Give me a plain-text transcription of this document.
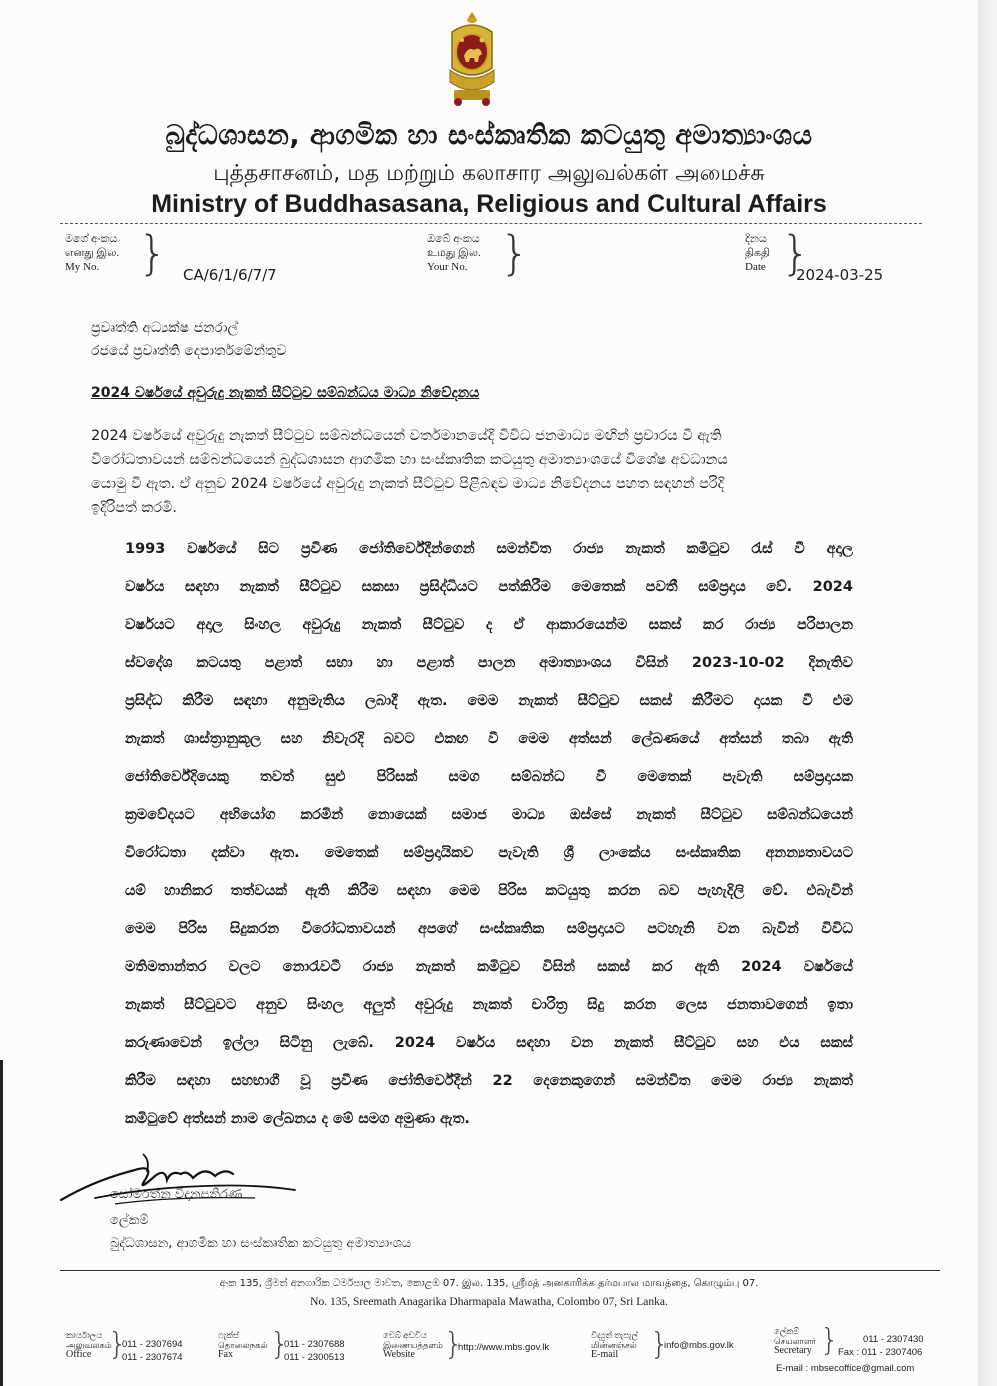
බුද්ධශාසන, ආගමික හා සංස්කෘතික කටයුතු අමාත්‍යාංශය
புத்தசாசனம், மத மற்றும் கலாசார அலுவல்கள் அமைச்சு
Ministry of Buddhasasana, Religious and Cultural Affairs
මගේ අංකය
எனது இல.
My No. } CA/6/1/6/7/7
ඔබේ අංකය
உமது இல.
Your No. }	දිනය
திகதி
Date }
2024-03-25
ප්‍රවෘත්ති අධ්‍යක්ෂ ජනරාල්
රජයේ ප්‍රවෘත්ති දෙපාර්තමේන්තුව
2024 වර්ෂයේ අවුරුදු නැකත් සීට්ටුව සම්බන්ධය මාධ්‍ය නිවේදනය
2024 වර්ෂයේ අවුරුදු නැකත් සීට්ටුව සම්බන්ධයෙන් වර්තමානයේදී විවිධ ජනමාධ්‍ය මඟින් ප්‍රචාරය වී ඇති
විරෝධතාවයන් සම්බන්ධයෙන් බුද්ධශාසන ආගමික හා සංස්කෘතික කටයුතු අමාත්‍යාංශයේ විශේෂ අවධානය
යොමු වී ඇත. ඒ අනුව 2024 වර්ෂයේ අවුරුදු නැකත් සීට්ටුව පිළිබඳව මාධ්‍ය නිවේදනය පහත සඳහන් පරිදි
ඉදිරිපත් කරමි.
1993 වර්ෂයේ සිට ප්‍රවීණ ජෝතිර්වේදීන්ගෙන් සමන්විත රාජ්‍ය නැකත් කමිටුව රැස් වී අදාල
වර්ෂය සඳහා නැකත් සීට්ටුව සකසා ප්‍රසිද්ධියට පත්කිරීම මෙතෙක් පවතී සම්ප්‍රදාය වේ. 2024
වර්ෂයට අදාල සිංහල අවුරුදු නැකත් සීට්ටුව ද ඒ ආකාරයෙන්ම සකස් කර රාජ්‍ය පරිපාලන
ස්වදේශ කටයතු පළාත් සභා හා පළාත් පාලන අමාත්‍යාංශය විසින් 2023-10-02 දිනැතිව
ප්‍රසිද්ධ කිරීම සඳහා අනුමැතිය ලබාදී ඇත. මෙම නැකත් සීට්ටුව සකස් කිරීමට දායක වී එම
නැකත් ශාස්ත්‍රානුකූල සහ නිවැරදි බවට එකඟ වී මෙම අත්සන් ලේඛණයේ අත්සන් තබා ඇති
ජෝතිර්වේදියෙකු තවත් සුළු පිරිසක් සමග සම්බන්ධ වී මෙතෙක් පැවැති සම්ප්‍රදායක
ක්‍රමවේදයට අභියෝග කරමින් නොයෙක් සමාජ මාධ්‍ය ඔස්සේ නැකත් සීට්ටුව සම්බන්ධයෙන්
විරෝධතා දක්වා ඇත. මෙතෙක් සම්ප්‍රදායිකව පැවැති ශ්‍රී ලාංකේය සංස්කෘතික අනන්‍යතාවයට
යම් හානිකර තත්වයක් ඇති කිරීම සඳහා මෙම පිරිස කටයුතු කරන බව පැහැදිලි වේ. එබැවින්
මෙම පිරිස සිදුකරන විරෝධතාවයන් අපගේ සංස්කෘතික සම්ප්‍රදායට පටහැනි වන බැවින් විවිධ
මතිමතාන්තර වලට නොරැවටී රාජ්‍ය නැකත් කමිටුව විසින් සකස් කර ඇති 2024 වර්ෂයේ
නැකත් සීට්ටුවට අනුව සිංහල අලුත් අවුරුදු නැකත් චාරිත්‍ර සිදු කරන ලෙස ජනතාවගෙන් ඉතා
කරුණාවෙන් ඉල්ලා සිටිනු ලැබේ. 2024 වර්ෂය සඳහා වන නැකත් සීට්ටුව සහ එය සකස්
කිරීම සඳහා සහභාගී වූ ප්‍රවීණ ජෝතිර්වේදීන් 22 දෙනෙකුගෙන් සමන්විත මෙම රාජ්‍ය නැකත්
කමිටුවේ අත්සන් නාම ලේඛනය ද මේ සමග අමුණා ඇත.
සෝමරත්න විදානපතිරණ
ලේකම්
බුද්ධශාසන, ආගමික හා සංස්කෘතික කටයුතු අමාත්‍යාංශය
අංක 135, ශ්‍රීමත් අනගාරික ධර්මපාල මාවත, කොළඹ 07. இல. 135, ஸ்ரீமத் அனகாரிக்க தர்மபால மாவத்தை, கொழும்பு 07.
No. 135, Sreemath Anagarika Dharmapala Mawatha, Colombo 07, Sri Lanka.
කාර්යාලය
அலுவலகம்
Office }
011 - 2307694
011 - 2307674
ෆැක්ස්
தொலைநகல்
Fax	}
011 - 2307688
011 - 2300513
වෙබ් අඩවිය
இணையத்தளம்
Website }
http://www.mbs.gov.lk
විද්‍යුත් තැපැල්
மின்னஞ்சல்
E-mail	}
info@mbs.gov.lk
ලේකම්
செயலாளர்
Secretary }	011 - 2307430
Fax : 011 - 2307406
E-mail : mbsecoffice@gmail.com
